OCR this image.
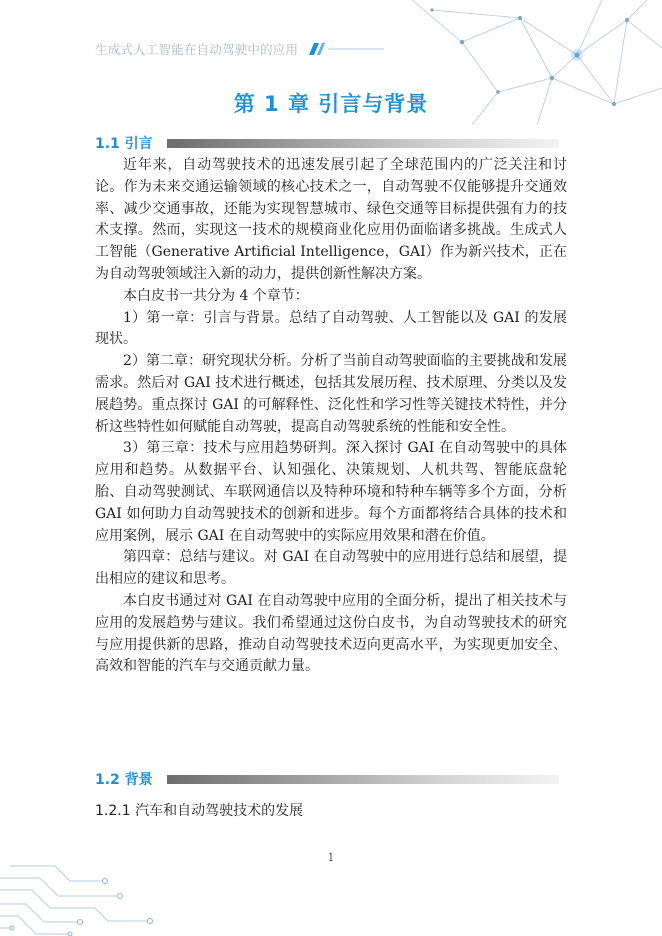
生成式人工智能在自动驾驶中的应用
第 1 章 引言与背景
1.1 引言

近年来，自动驾驶技术的迅速发展引起了全球范围内的广泛关注和讨论。作为未来交通运输领域的核心技术之一，自动驾驶不仅能够提升交通效率、减少交通事故，还能为实现智慧城市、绿色交通等目标提供强有力的技术支撑。然而，实现这一技术的规模商业化应用仍面临诸多挑战。生成式人工智能（Generative Artificial Intelligence，GAI）作为新兴技术，正在为自动驾驶领域注入新的动力，提供创新性解决方案。

本白皮书一共分为 4 个章节：

1）第一章：引言与背景。总结了自动驾驶、人工智能以及 GAI 的发展现状。

2）第二章：研究现状分析。分析了当前自动驾驶面临的主要挑战和发展需求。然后对 GAI 技术进行概述，包括其发展历程、技术原理、分类以及发展趋势。重点探讨 GAI 的可解释性、泛化性和学习性等关键技术特性，并分析这些特性如何赋能自动驾驶，提高自动驾驶系统的性能和安全性。

3）第三章：技术与应用趋势研判。深入探讨 GAI 在自动驾驶中的具体应用和趋势。从数据平台、认知强化、决策规划、人机共驾、智能底盘轮胎、自动驾驶测试、车联网通信以及特种环境和特种车辆等多个方面，分析 GAI 如何助力自动驾驶技术的创新和进步。每个方面都将结合具体的技术和应用案例，展示 GAI 在自动驾驶中的实际应用效果和潜在价值。

第四章：总结与建议。对 GAI 在自动驾驶中的应用进行总结和展望，提出相应的建议和思考。

本白皮书通过对 GAI 在自动驾驶中应用的全面分析，提出了相关技术与应用的发展趋势与建议。我们希望通过这份白皮书，为自动驾驶技术的研究与应用提供新的思路，推动自动驾驶技术迈向更高水平，为实现更加安全、高效和智能的汽车与交通贡献力量。

1.2 背景
1.2.1 汽车和自动驾驶技术的发展
1
